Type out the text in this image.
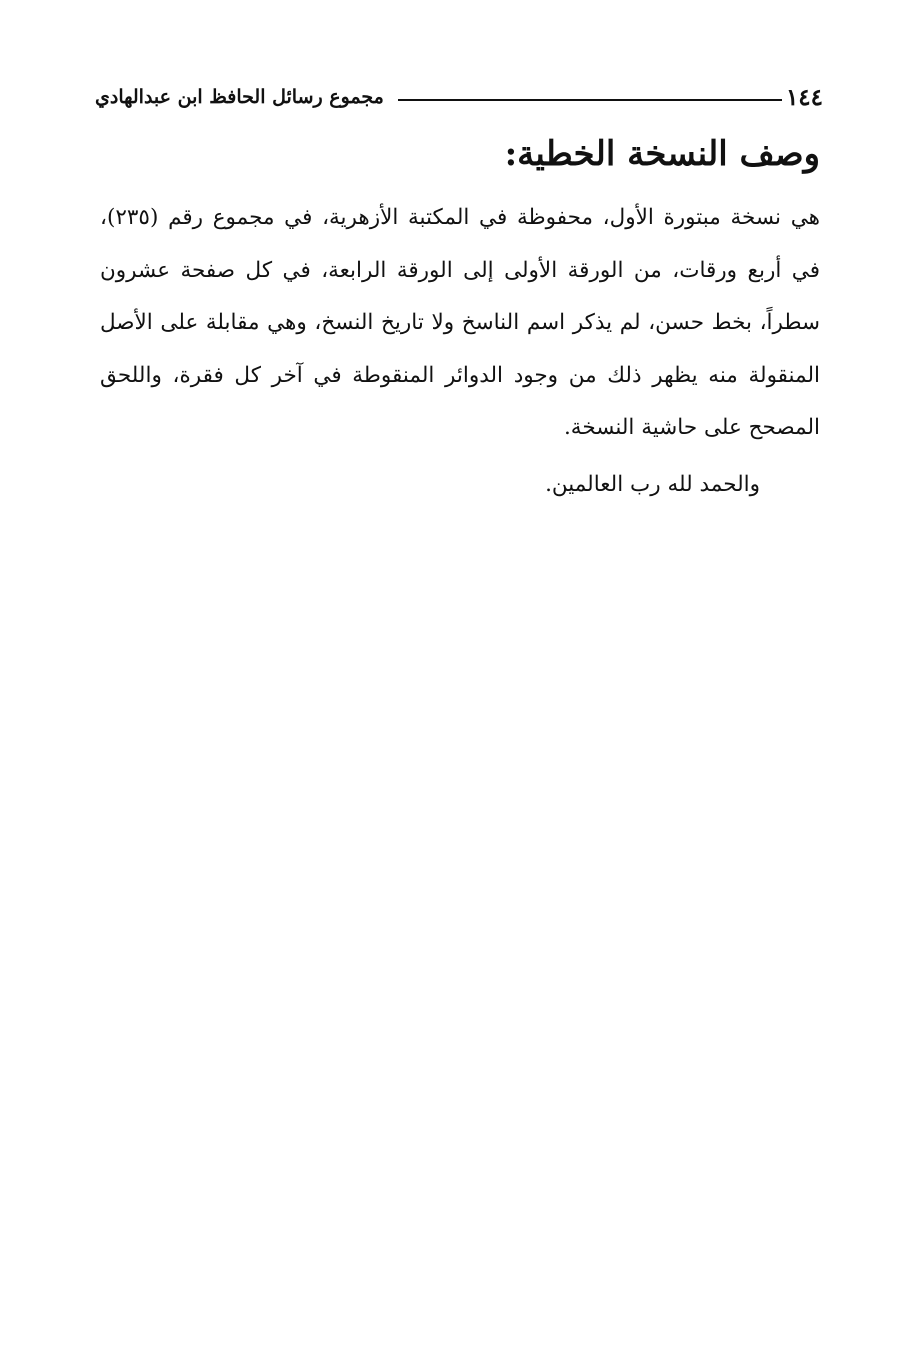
١٤٤
مجموع رسائل الحافظ ابن عبدالهادي
وصف النسخة الخطية:

هي نسخة مبتورة الأول، محفوظة في المكتبة الأزهرية، في مجموع رقم (٢٣٥)، في أربع ورقات، من الورقة الأولى إلى الورقة الرابعة، في كل صفحة عشرون سطراً، بخط حسن، لم يذكر اسم الناسخ ولا تاريخ النسخ، وهي مقابلة على الأصل المنقولة منه يظهر ذلك من وجود الدوائر المنقوطة في آخر كل فقرة، واللحق المصحح على حاشية النسخة.

والحمد لله رب العالمين.
